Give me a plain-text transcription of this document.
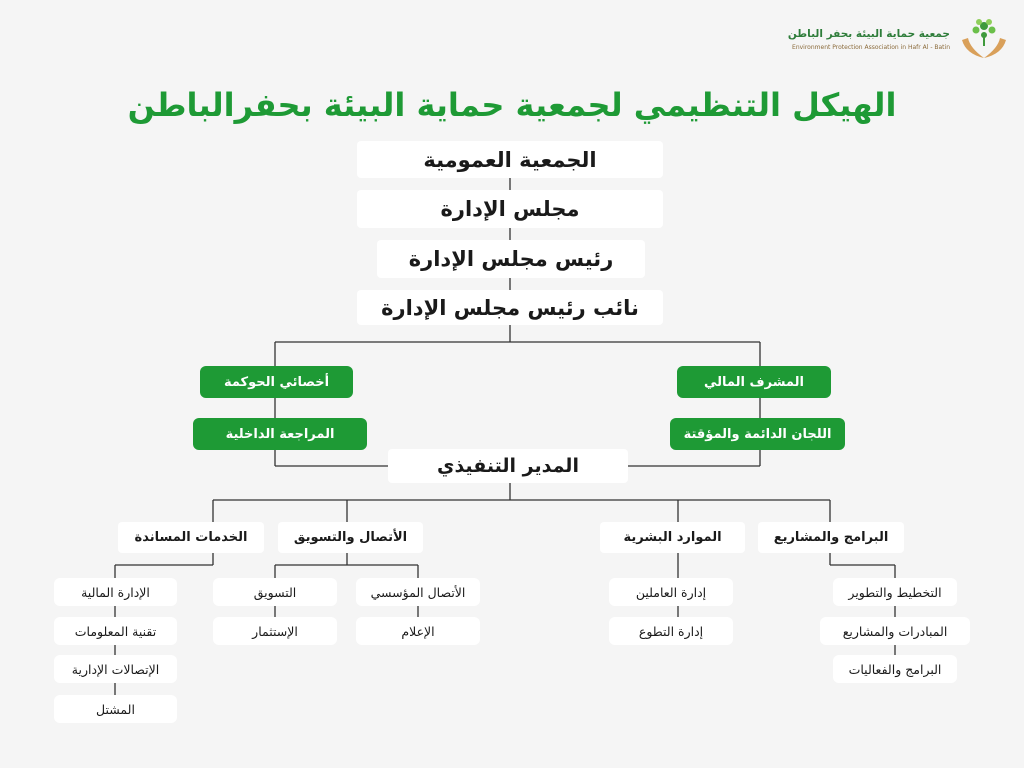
جمعية حماية البيئة بحفر الباطن
Environment Protection Association in Hafr Al - Batin
الهيكل التنظيمي لجمعية حماية البيئة بحفرالباطن
الجمعية العمومية
مجلس الإدارة
رئيس مجلس الإدارة
نائب رئيس مجلس الإدارة
أخصائي الحوكمة
المراجعة الداخلية
المشرف المالي
اللجان الدائمة والمؤقتة
المدير التنفيذي
الخدمات المساندة	الأتصال والتسويق	الموارد البشرية	البرامج والمشاريع
الإدارة المالية
تقنية المعلومات
الإتصالات الإدارية
المشتل
التسويق
الإستثمار
الأتصال المؤسسي
الإعلام
إدارة العاملين
إدارة التطوع
التخطيط والتطوير
المبادرات والمشاريع
البرامج والفعاليات
